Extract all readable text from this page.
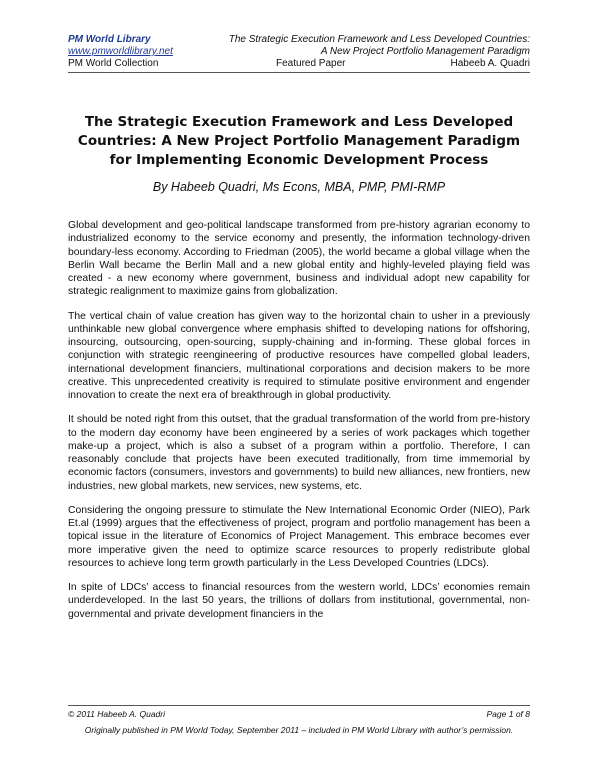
PM World Library
www.pmworldlibrary.net
The Strategic Execution Framework and Less Developed Countries:
A New Project Portfolio Management Paradigm
PM World Collection	Featured Paper	Habeeb A. Quadri
The Strategic Execution Framework and Less Developed Countries: A New Project Portfolio Management Paradigm for Implementing Economic Development Process
By Habeeb Quadri, Ms Econs, MBA, PMP, PMI-RMP

Global development and geo-political landscape transformed from pre-history agrarian economy to industrialized economy to the service economy and presently, the information technology-driven boundary-less economy. According to Friedman (2005), the world became a global village when the Berlin Wall became the Berlin Mall and a new global entity and highly-leveled playing field was created - a new economy where government, business and individual adopt new capability for strategic realignment to maximize gains from globalization.

The vertical chain of value creation has given way to the horizontal chain to usher in a previously unthinkable new global convergence where emphasis shifted to developing nations for offshoring, insourcing, outsourcing, open-sourcing, supply-chaining and in-forming. These global forces in conjunction with strategic reengineering of productive resources have compelled global leaders, international development financiers, multinational corporations and decision makers to be more creative. This unprecedented creativity is required to stimulate positive environment and engender innovation to create the next era of breakthrough in global productivity.

It should be noted right from this outset, that the gradual transformation of the world from pre-history to the modern day economy have been engineered by a series of work packages which together make-up a project, which is also a subset of a program within a portfolio. Therefore, I can reasonably conclude that projects have been executed traditionally, from time immemorial by economic factors (consumers, investors and governments) to build new alliances, new frontiers, new industries, new global markets, new services, new systems, etc.

Considering the ongoing pressure to stimulate the New International Economic Order (NIEO), Park Et.al (1999) argues that the effectiveness of project, program and portfolio management has been a topical issue in the literature of Economics of Project Management. This embrace becomes ever more imperative given the need to optimize scarce resources to properly redistribute global resources to achieve long term growth particularly in the Less Developed Countries (LDCs).

In spite of LDCs’ access to financial resources from the western world, LDCs’ economies remain underdeveloped. In the last 50 years, the trillions of dollars from institutional, governmental, non-governmental and private development financiers in the

© 2011 Habeeb A. Quadri	Page 1 of 8
Originally published in PM World Today, September 2011 – included in PM World Library with author’s permission.
